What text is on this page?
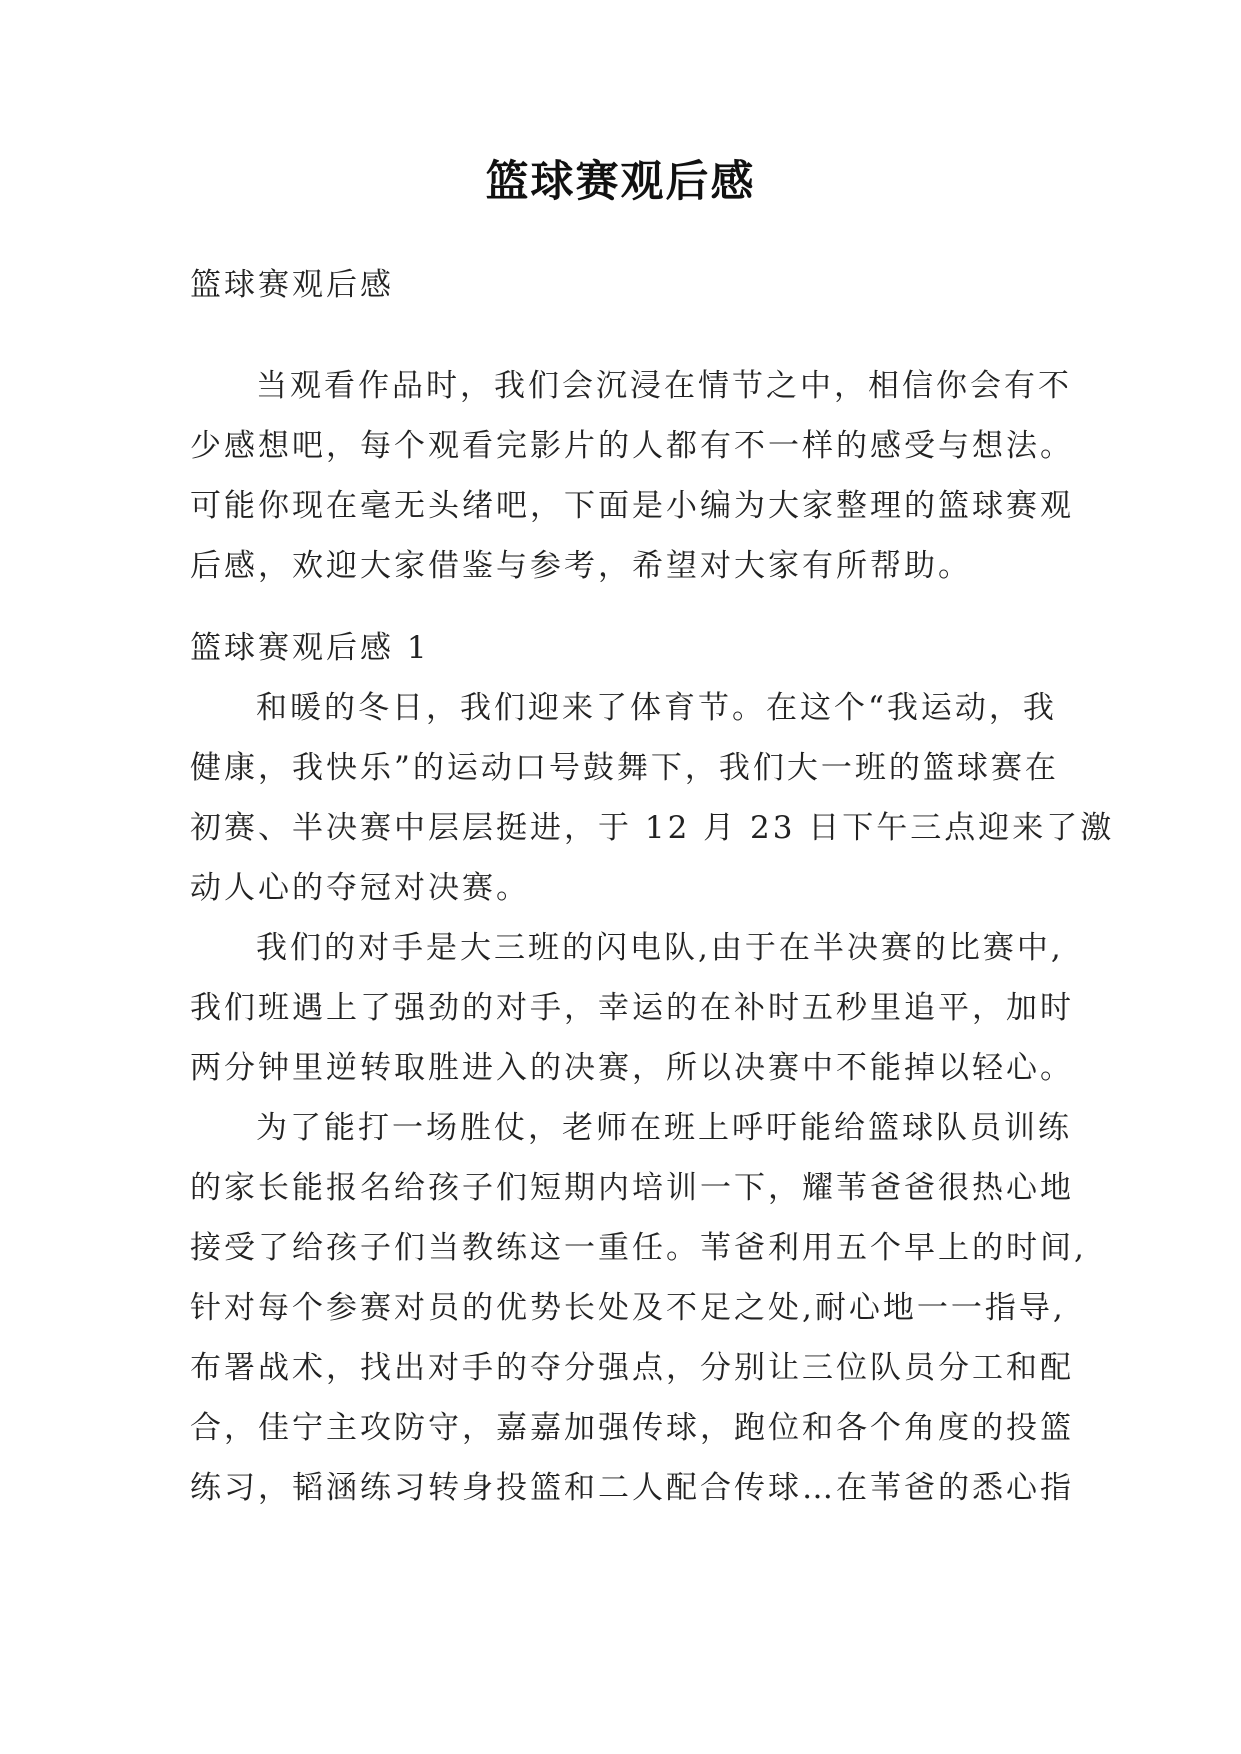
篮球赛观后感

篮球赛观后感

当观看作品时，我们会沉浸在情节之中，相信你会有不
少感想吧，每个观看完影片的人都有不一样的感受与想法。
可能你现在毫无头绪吧，下面是小编为大家整理的篮球赛观
后感，欢迎大家借鉴与参考，希望对大家有所帮助。

篮球赛观后感 1

和暖的冬日，我们迎来了体育节。在这个“我运动，我
健康，我快乐”的运动口号鼓舞下，我们大一班的篮球赛在
初赛、半决赛中层层挺进，于 12 月 23 日下午三点迎来了激
动人心的夺冠对决赛。
我们的对手是大三班的闪电队,由于在半决赛的比赛中,
我们班遇上了强劲的对手，幸运的在补时五秒里追平，加时
两分钟里逆转取胜进入的决赛，所以决赛中不能掉以轻心。
为了能打一场胜仗，老师在班上呼吁能给篮球队员训练
的家长能报名给孩子们短期内培训一下，耀苇爸爸很热心地
接受了给孩子们当教练这一重任。苇爸利用五个早上的时间,
针对每个参赛对员的优势长处及不足之处,耐心地一一指导,
布署战术，找出对手的夺分强点，分别让三位队员分工和配
合，佳宁主攻防守，嘉嘉加强传球，跑位和各个角度的投篮
练习，韬涵练习转身投篮和二人配合传球…在苇爸的悉心指
